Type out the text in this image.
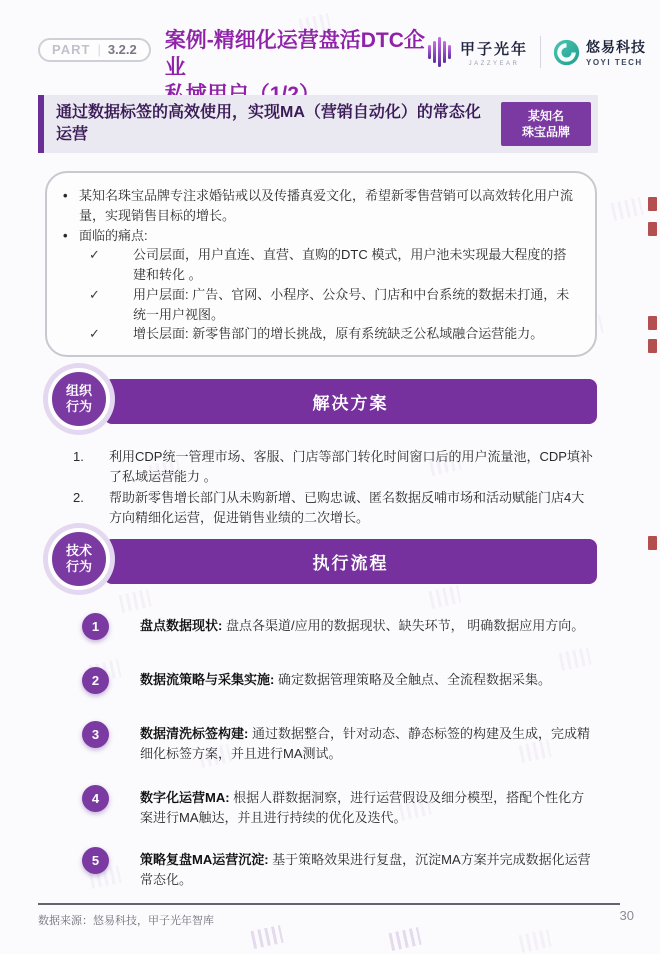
PART | 3.2.2 案例-精细化运营盘活DTC企业
甲子光年
JAZZYEAR
悠易科技
YOYI TECH
通过数据标签的高效使用，实现MA（营销自动化）的常态化运营
某知名
珠宝品牌
• 某知名珠宝品牌专注求婚钻戒以及传播真爱文化，希望新零售营销可以高效转化用户流量，实现销售目标的增长。
• 面临的痛点:
✓	公司层面，用户直连、直营、直购的DTC 模式，用户池未实现最大程度的搭建和转化 。
✓	用户层面: 广告、官网、小程序、公众号、门店和中台系统的数据未打通，未统一用户视图。
✓	增长层面: 新零售部门的增长挑战，原有系统缺乏公私域融合运营能力。
组织
行为	解决方案
1.	利用CDP统一管理市场、客服、门店等部门转化时间窗口后的用户流量池，CDP填补了私域运营能力 。
2.	帮助新零售增长部门从未购新增、已购忠诚、匿名数据反哺市场和活动赋能门店4大方向精细化运营，促进销售业绩的二次增长。
技术
行为	执行流程
1	盘点数据现状: 盘点各渠道/应用的数据现状、缺失环节， 明确数据应用方向。
2	数据流策略与采集实施: 确定数据管理策略及全触点、全流程数据采集。
3	数据清洗标签构建: 通过数据整合，针对动态、静态标签的构建及生成，完成精细化标签方案，并且进行MA测试。
4	数字化运营MA: 根据人群数据洞察，进行运营假设及细分模型，搭配个性化方案进行MA触达，并且进行持续的优化及迭代。
5	策略复盘MA运营沉淀: 基于策略效果进行复盘，沉淀MA方案并完成数据化运营常态化。
数据来源：悠易科技，甲子光年智库	30
